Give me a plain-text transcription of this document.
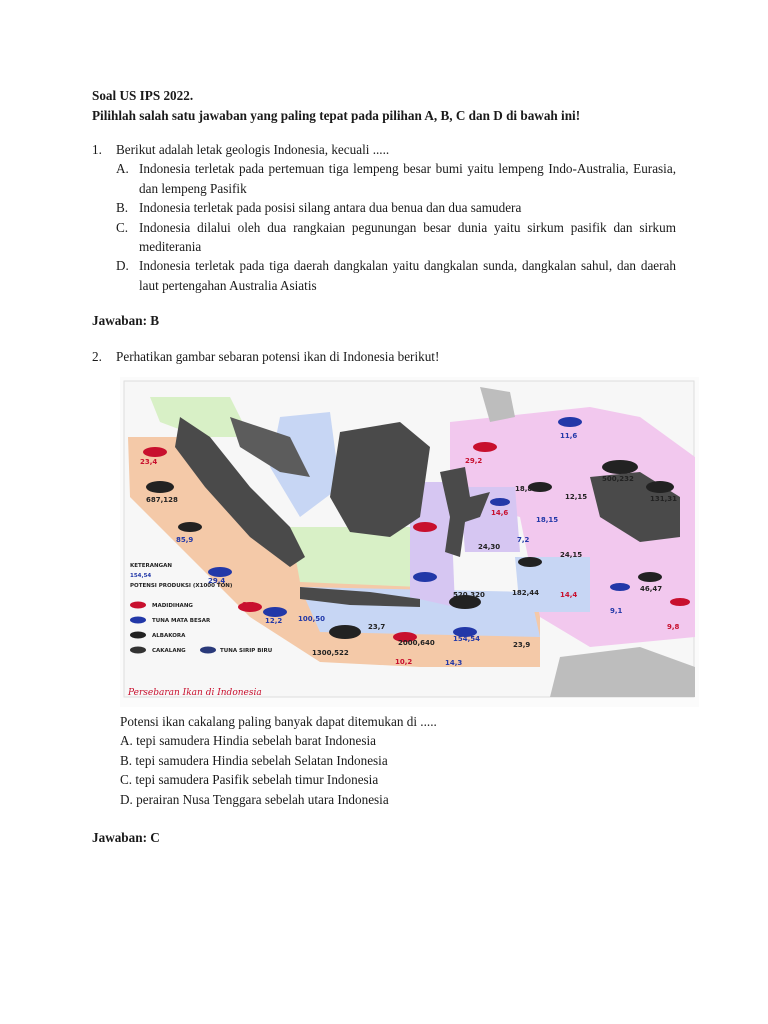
Soal US IPS 2022.
Pilihlah salah satu jawaban yang paling tepat pada pilihan A, B, C dan D di bawah ini!
1.	Berikut adalah letak geologis Indonesia, kecuali .....
A. Indonesia terletak pada pertemuan tiga lempeng besar bumi yaitu lempeng Indo-Australia, Eurasia, dan lempeng Pasifik
B. Indonesia terletak pada posisi silang antara dua benua dan dua samudera
C. Indonesia dilalui oleh dua rangkaian pegunungan besar dunia yaitu sirkum pasifik dan sirkum mediterania
D. Indonesia terletak pada tiga daerah dangkalan yaitu dangkalan sunda, dangkalan sahul, dan daerah laut pertengahan Australia Asiatis
Jawaban: B
2.	Perhatikan gambar sebaran potensi ikan di Indonesia berikut!
23,4
687,128
85,9
29,4
8,4
12,2 100,50
1300,522
23,7
2000,640
10,2
154,54
14,3
23,9
29,2
18,8
14,6
11,6
24,30
520,320
7,2
182,44
18,15
12,15
24,15
14,4
500,232
131,31
46,47
9,1
9,8
KETERANGAN
154,54
POTENSI PRODUKSI (X1000 TON)
MADIDIHANG
TUNA MATA BESAR
ALBAKORA
CAKALANG	TUNA SIRIP BIRU
Persebaran Ikan di Indonesia
Potensi ikan cakalang paling banyak dapat ditemukan di .....
A. tepi samudera Hindia sebelah barat Indonesia
B. tepi samudera Hindia sebelah Selatan Indonesia
C. tepi samudera Pasifik sebelah timur Indonesia
D. perairan Nusa Tenggara sebelah utara Indonesia
Jawaban: C
